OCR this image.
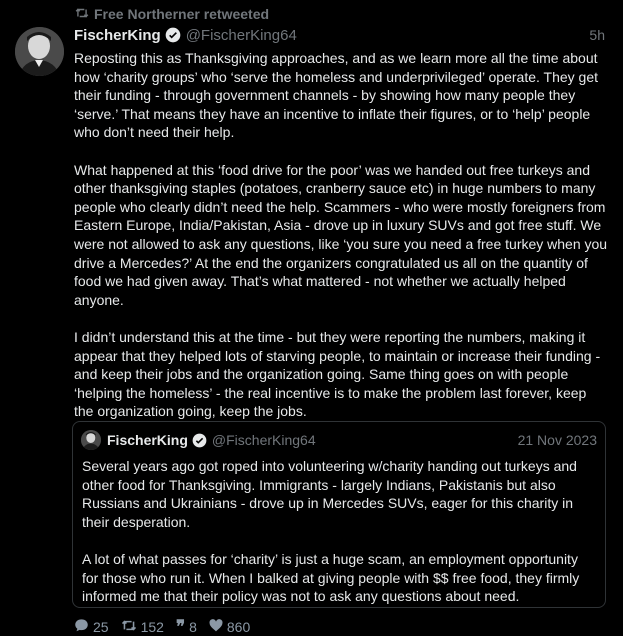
Free Northerner retweeted
FischerKing @FischerKing64	5h

Reposting this as Thanksgiving approaches, and as we learn more all the time about how ‘charity groups’ who ‘serve the homeless and underprivileged’ operate. They get their funding - through government channels - by showing how many people they ‘serve.’ That means they have an incentive to inflate their figures, or to ‘help’ people who don’t need their help.

What happened at this ‘food drive for the poor’ was we handed out free turkeys and other thanksgiving staples (potatoes, cranberry sauce etc) in huge numbers to many people who clearly didn’t need the help. Scammers - who were mostly foreigners from Eastern Europe, India/Pakistan, Asia - drove up in luxury SUVs and got free stuff. We were not allowed to ask any questions, like ‘you sure you need a free turkey when you drive a Mercedes?’ At the end the organizers congratulated us all on the quantity of food we had given away. That’s what mattered - not whether we actually helped anyone.

I didn’t understand this at the time - but they were reporting the numbers, making it appear that they helped lots of starving people, to maintain or increase their funding - and keep their jobs and the organization going. Same thing goes on with people ‘helping the homeless’ - the real incentive is to make the problem last forever, keep the organization going, keep the jobs.

FischerKing @FischerKing64	21 Nov 2023

Several years ago got roped into volunteering w/charity handing out turkeys and other food for Thanksgiving. Immigrants - largely Indians, Pakistanis but also Russians and Ukrainians - drove up in Mercedes SUVs, eager for this charity in their desperation.

A lot of what passes for ‘charity’ is just a huge scam, an employment opportunity for those who run it. When I balked at giving people with $$ free food, they firmly informed me that their policy was not to ask any questions about need.

25 152 ❞ 8 860
